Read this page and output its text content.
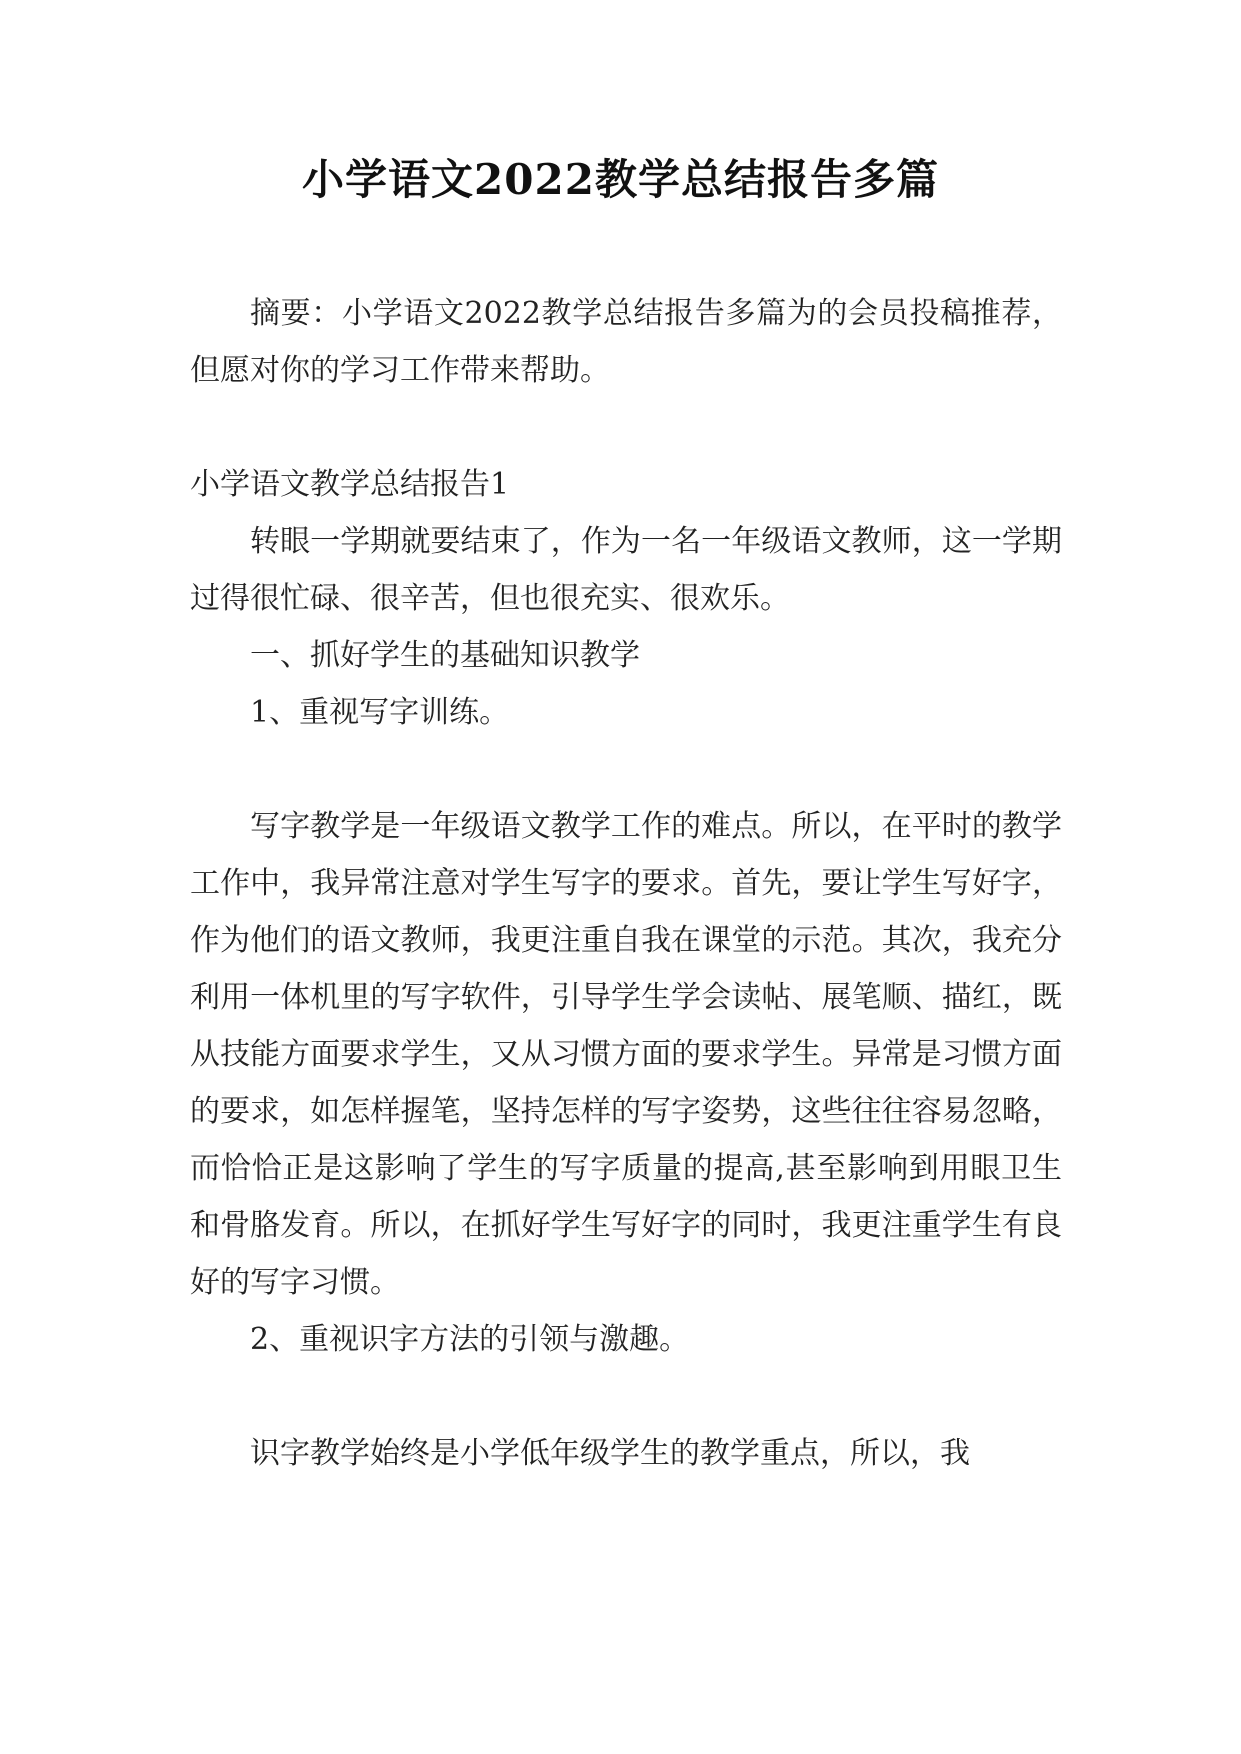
小学语文2022教学总结报告多篇

摘要：小学语文2022教学总结报告多篇为的会员投稿推荐，但愿对你的学习工作带来帮助。

小学语文教学总结报告1

转眼一学期就要结束了，作为一名一年级语文教师，这一学期过得很忙碌、很辛苦，但也很充实、很欢乐。

一、抓好学生的基础知识教学

1、重视写字训练。

写字教学是一年级语文教学工作的难点。所以，在平时的教学工作中，我异常注意对学生写字的要求。首先，要让学生写好字，作为他们的语文教师，我更注重自我在课堂的示范。其次，我充分利用一体机里的写字软件，引导学生学会读帖、展笔顺、描红，既从技能方面要求学生，又从习惯方面的要求学生。异常是习惯方面的要求，如怎样握笔，坚持怎样的写字姿势，这些往往容易忽略，而恰恰正是这影响了学生的写字质量的提高,甚至影响到用眼卫生和骨胳发育。所以，在抓好学生写好字的同时，我更注重学生有良好的写字习惯。

2、重视识字方法的引领与激趣。

识字教学始终是小学低年级学生的教学重点，所以，我
